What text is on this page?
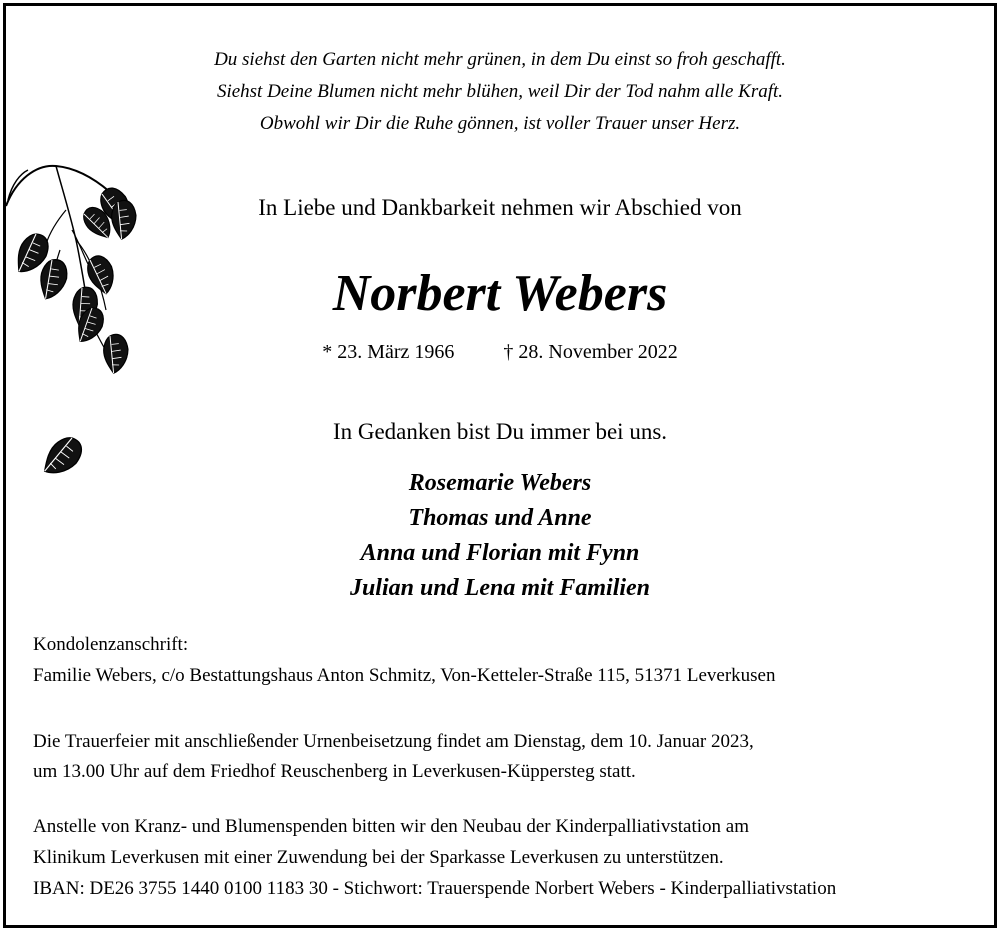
Du siehst den Garten nicht mehr grünen, in dem Du einst so froh geschafft.
Siehst Deine Blumen nicht mehr blühen, weil Dir der Tod nahm alle Kraft.
Obwohl wir Dir die Ruhe gönnen, ist voller Trauer unser Herz.
In Liebe und Dankbarkeit nehmen wir Abschied von
Norbert Webers
* 23. März 1966 † 28. November 2022
In Gedanken bist Du immer bei uns.
Rosemarie Webers
Thomas und Anne
Anna und Florian mit Fynn
Julian und Lena mit Familien
Kondolenzanschrift:
Familie Webers, c/o Bestattungshaus Anton Schmitz, Von-Ketteler-Straße 115, 51371 Leverkusen
Die Trauerfeier mit anschließender Urnenbeisetzung findet am Dienstag, dem 10. Januar 2023,
um 13.00 Uhr auf dem Friedhof Reuschenberg in Leverkusen-Küppersteg statt.
Anstelle von Kranz- und Blumenspenden bitten wir den Neubau der Kinderpalliativstation am
Klinikum Leverkusen mit einer Zuwendung bei der Sparkasse Leverkusen zu unterstützen.
IBAN: DE26 3755 1440 0100 1183 30 - Stichwort: Trauerspende Norbert Webers - Kinderpalliativstation
